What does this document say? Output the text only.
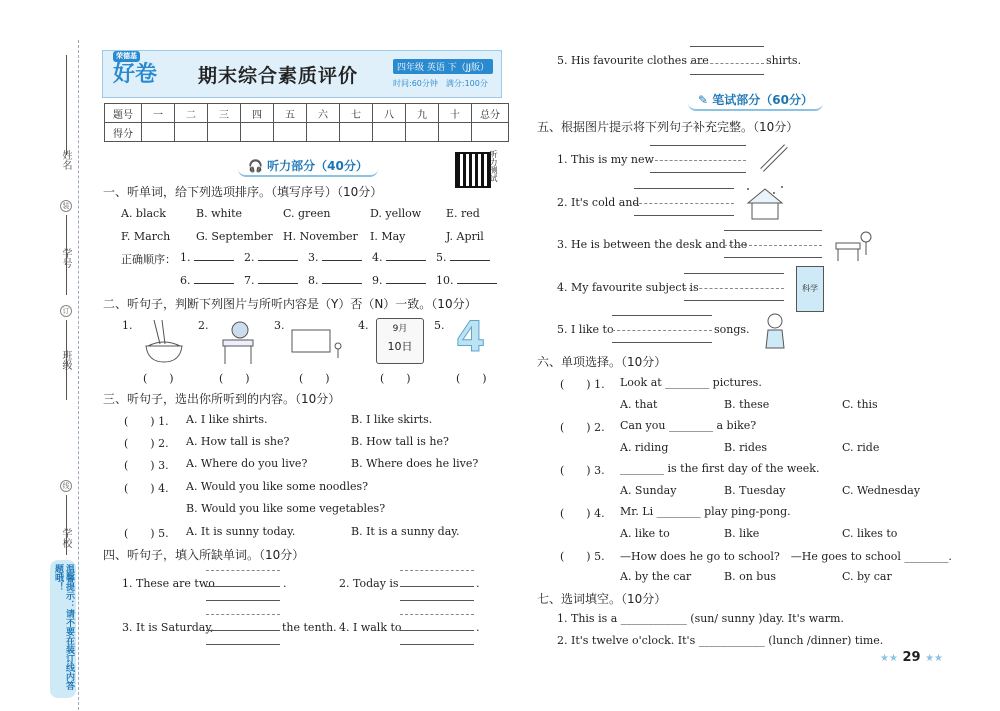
姓名
装
学号
订
班级
线
学校
温馨提示：请不要在装订线内答题哦！
荣德基
好卷 期末综合素质评价	四年级 英语 下（JJ版）
时间:60分钟　满分:100分
题号	一	二	三	四	五	六	七	八	九	十	总分
得分											
🎧 听力部分（40分）	听力测试
一、听单词，给下列选项排序。（填写序号）（10分）
A. black	B. white	C. green	D. yellow E. red
F. March G. September H. November I. May	J. April
正确顺序： 1.	2.	3.	4.	5.
6.	7.	8.	9.	10.
二、听句子，判断下列图片与所听内容是（Y）否（N）一致。（10分）
1.	2.	3.	4.	5.
9月
10日 4
(　　)	(　　)	(　　)	(　　)	(　　)
三、听句子，选出你所听到的内容。（10分）
(　　) 1. A. I like shirts.	B. I like skirts.
(　　) 2. A. How tall is she?	B. How tall is he?
(　　) 3. A. Where do you live?	B. Where does he live?
(　　) 4. A. Would you like some noodles?
B. Would you like some vegetables?
(　　) 5. A. It is sunny today.	B. It is a sunny day.
四、听句子，填入所缺单词。（10分）
1. These are two	.	2. Today is	.
3. It is Saturday,	the tenth. 4. I walk to	.
5. His favourite clothes are	shirts.
✎ 笔试部分（60分）
五、根据图片提示将下列句子补充完整。（10分）
1. This is my new
2. It's cold and
3. He is between the desk and the
4. My favourite subject is	科学
5. I like to	songs.
六、单项选择。（10分）
(　　) 1. Look at ________ pictures.
A. that	B. these	C. this
(　　) 2. Can you ________ a bike?
A. riding	B. rides	C. ride
(　　) 3. ________ is the first day of the week.
A. Sunday	B. Tuesday	C. Wednesday
(　　) 4. Mr. Li ________ play ping-pong.
A. like to	B. like	C. likes to
(　　) 5. —How does he go to school?　—He goes to school ________.
A. by the car	B. on bus	C. by car
七、选词填空。（10分）
1. This is a ____________ (sun/ sunny )day. It's warm.
2. It's twelve o'clock. It's ____________ (lunch /dinner) time.
★★ 29 ★★
